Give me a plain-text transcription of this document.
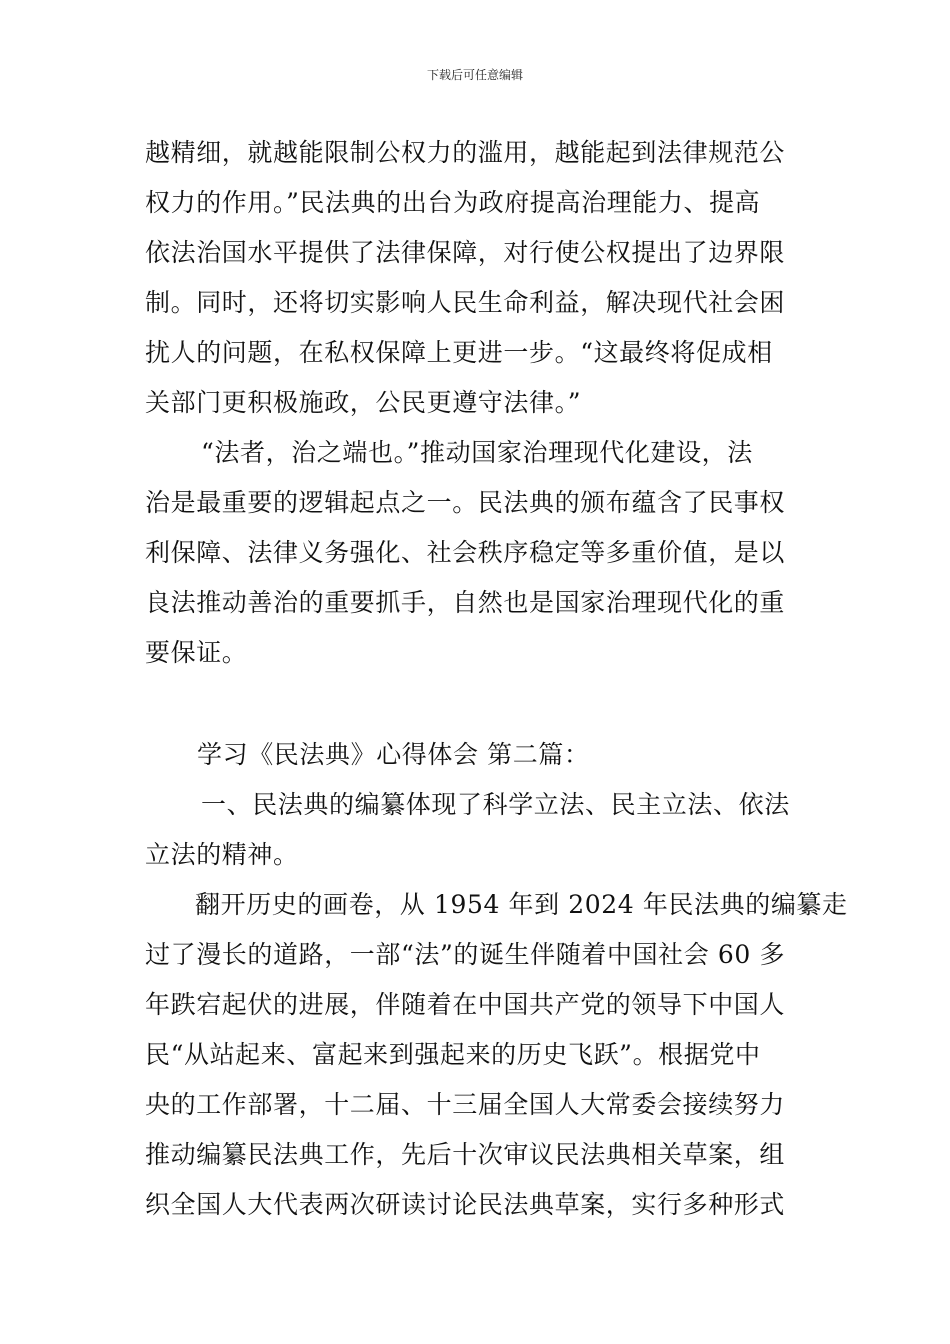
下载后可任意编辑
越精细，就越能限制公权力的滥用，越能起到法律规范公
权力的作用。”民法典的出台为政府提高治理能力、提高
依法治国水平提供了法律保障，对行使公权提出了边界限
制。同时，还将切实影响人民生命利益，解决现代社会困
扰人的问题，在私权保障上更进一步。“这最终将促成相
关部门更积极施政，公民更遵守法律。”
“法者，治之端也。”推动国家治理现代化建设，法
治是最重要的逻辑起点之一。民法典的颁布蕴含了民事权
利保障、法律义务强化、社会秩序稳定等多重价值，是以
良法推动善治的重要抓手，自然也是国家治理现代化的重
要保证。
学习《民法典》心得体会 第二篇：
一、民法典的编纂体现了科学立法、民主立法、依法
立法的精神。
翻开历史的画卷，从 1954 年到 2024 年民法典的编纂走
过了漫长的道路，一部“法”的诞生伴随着中国社会 60 多
年跌宕起伏的进展，伴随着在中国共产党的领导下中国人
民“从站起来、富起来到强起来的历史飞跃”。根据党中
央的工作部署，十二届、十三届全国人大常委会接续努力
推动编纂民法典工作，先后十次审议民法典相关草案，组
织全国人大代表两次研读讨论民法典草案，实行多种形式
